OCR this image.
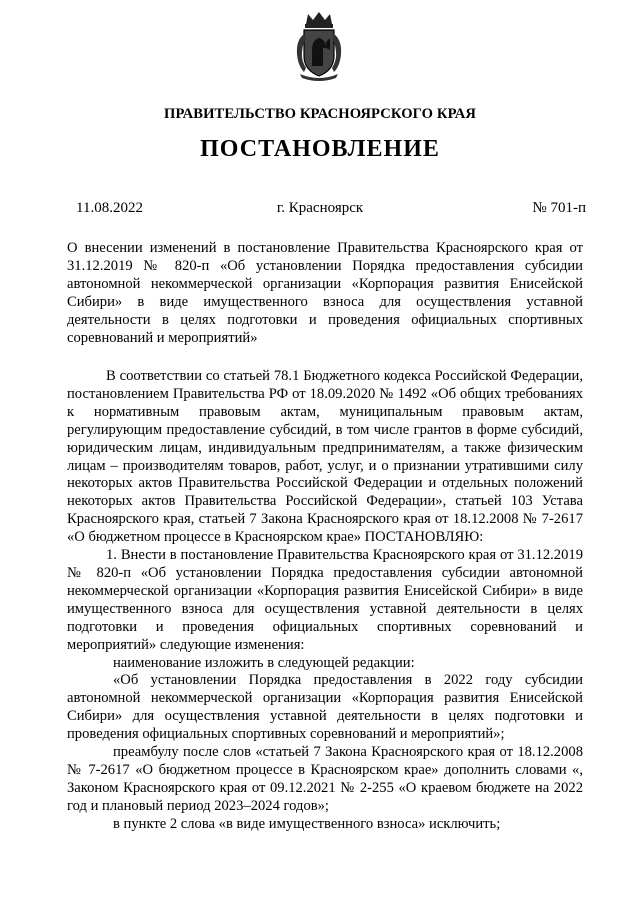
ПРАВИТЕЛЬСТВО КРАСНОЯРСКОГО КРАЯ
ПОСТАНОВЛЕНИЕ
11.08.2022	г. Красноярск	№ 701-п
О внесении изменений в постановление Правительства Красноярского края от 31.12.2019 № 820-п «Об установлении Порядка предоставления субсидии автономной некоммерческой организации «Корпорация развития Енисейской Сибири» в виде имущественного взноса для осуществления уставной деятельности в целях подготовки и проведения официальных спортивных соревнований и мероприятий»

В соответствии со статьей 78.1 Бюджетного кодекса Российской Федерации, постановлением Правительства РФ от 18.09.2020 № 1492 «Об общих требованиях к нормативным правовым актам, муниципальным правовым актам, регулирующим предоставление субсидий, в том числе грантов в форме субсидий, юридическим лицам, индивидуальным предпринимателям, а также физическим лицам – производителям товаров, работ, услуг, и о признании утратившими силу некоторых актов Правительства Российской Федерации и отдельных положений некоторых актов Правительства Российской Федерации», статьей 103 Устава Красноярского края, статьей 7 Закона Красноярского края от 18.12.2008 № 7-2617 «О бюджетном процессе в Красноярском крае» ПОСТАНОВЛЯЮ:

1. Внести в постановление Правительства Красноярского края от 31.12.2019 № 820-п «Об установлении Порядка предоставления субсидии автономной некоммерческой организации «Корпорация развития Енисейской Сибири» в виде имущественного взноса для осуществления уставной деятельности в целях подготовки и проведения официальных спортивных соревнований и мероприятий» следующие изменения:

наименование изложить в следующей редакции:

«Об установлении Порядка предоставления в 2022 году субсидии автономной некоммерческой организации «Корпорация развития Енисейской Сибири» для осуществления уставной деятельности в целях подготовки и проведения официальных спортивных соревнований и мероприятий»;

преамбулу после слов «статьей 7 Закона Красноярского края от 18.12.2008 № 7-2617 «О бюджетном процессе в Красноярском крае» дополнить словами «, Законом Красноярского края от 09.12.2021 № 2-255 «О краевом бюджете на 2022 год и плановый период 2023–2024 годов»;

в пункте 2 слова «в виде имущественного взноса» исключить;
